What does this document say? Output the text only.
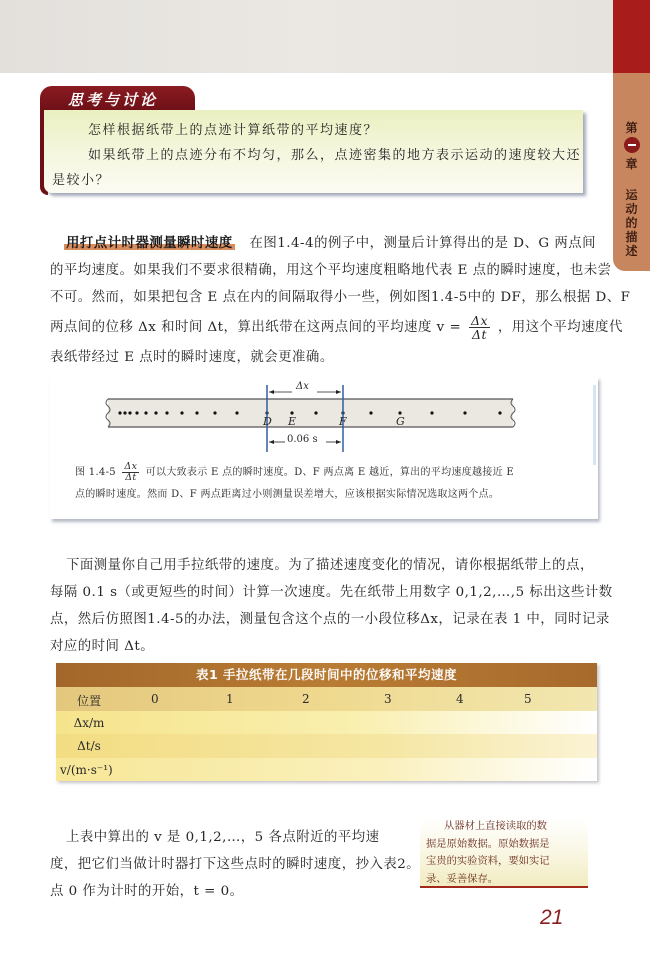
第
章
运
动
的
描
述
思考与讨论

怎样根据纸带上的点迹计算纸带的平均速度？

如果纸带上的点迹分布不均匀，那么，点迹密集的地方表示运动的速度较大还

是较小？

用打点计时器测量瞬时速度 在图1.4-4的例子中，测量后计算得出的是 D、G 两点间
的平均速度。如果我们不要求很精确，用这个平均速度粗略地代表 E 点的瞬时速度，也未尝
不可。然而，如果把包含 E 点在内的间隔取得小一些，例如图1.4-5中的 DF，那么根据 D、F
两点间的位移 Δx 和时间 Δt，算出纸带在这两点间的平均速度 $v = \frac{\Delta x}{\Delta t}$ ，用这个平均速度代
表纸带经过 E 点时的瞬时速度，就会更准确。
Δx
0.06 s
D E	F	G
图 $1.4-5 \frac{\Delta x}{\Delta t}$ 可以大致表示 E 点的瞬时速度。D、F 两点离 E 越近，算出的平均速度越接近 E
点的瞬时速度。然而 D、F 两点距离过小则测量误差增大，应该根据实际情况选取这两个点。
下面测量你自己用手拉纸带的速度。为了描述速度变化的情况，请你根据纸带上的点，
每隔 0.1 s（或更短些的时间）计算一次速度。先在纸带上用数字 0,1,2,…,5 标出这些计数
点，然后仿照图1.4-5的办法，测量包含这个点的一小段位移Δx，记录在表 1 中，同时记录
对应的时间 Δt。
表1 手拉纸带在几段时间中的位移和平均速度
位置	0	1	2	3	4	5
Δx/m
Δt/s
v/(m·s⁻¹)
上表中算出的 v 是 0,1,2,…，5 各点附近的平均速
度，把它们当做计时器打下这些点时的瞬时速度，抄入表2。
点 0 作为计时的开始，t = 0。
从器材上直接读取的数
据是原始数据。原始数据是
宝贵的实验资料，要如实记
录、妥善保存。
21
